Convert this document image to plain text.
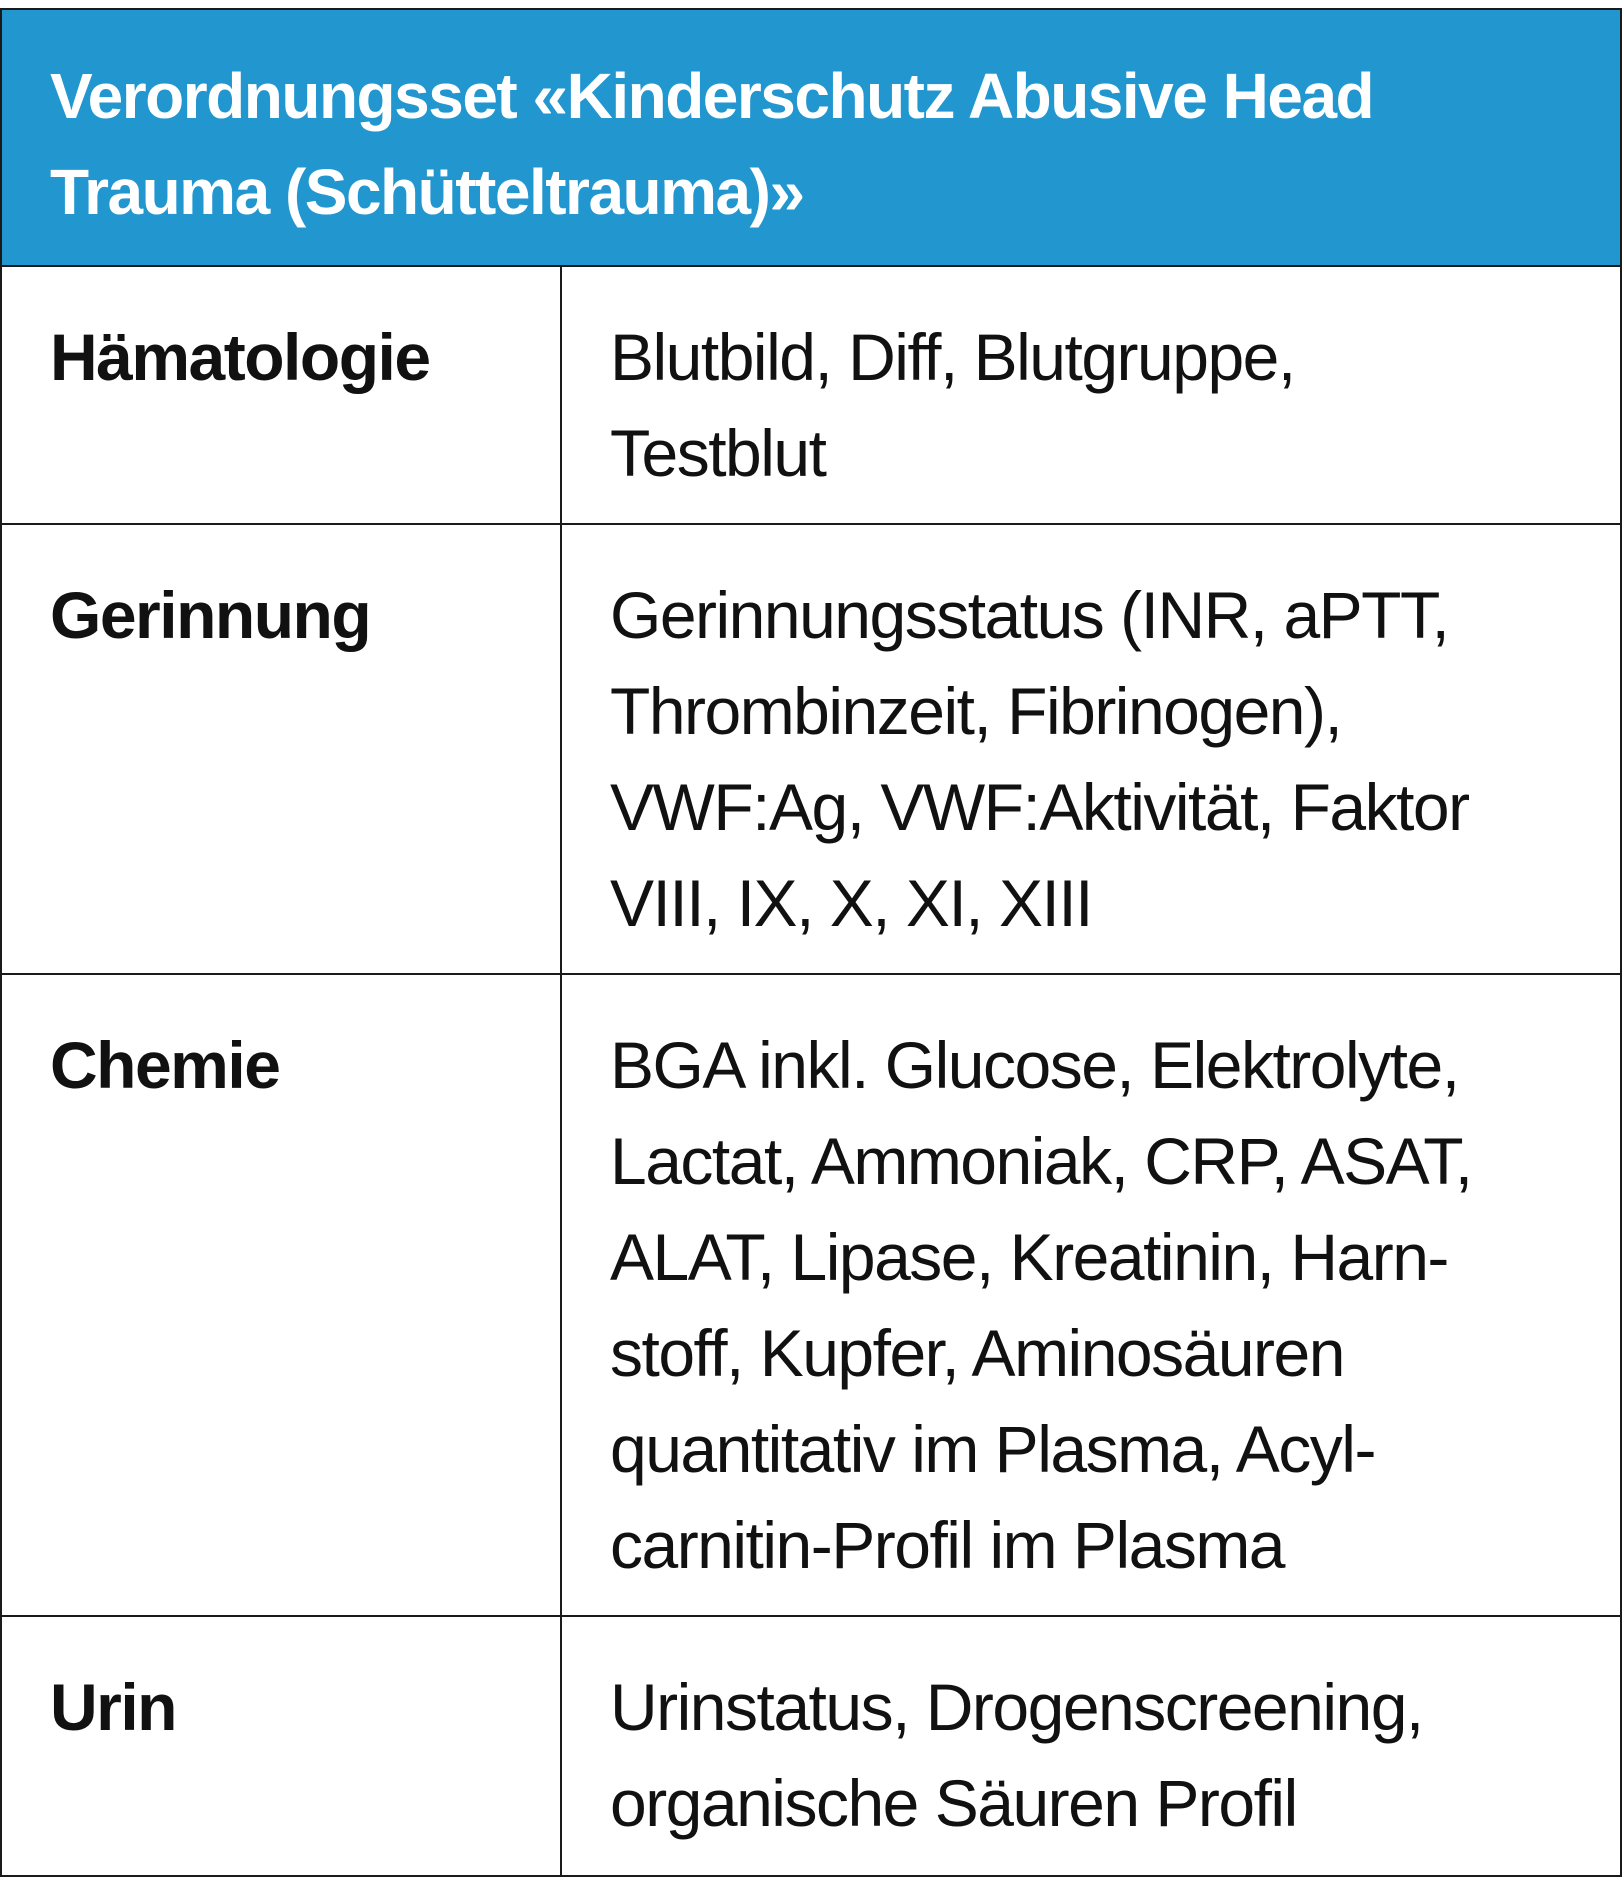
Verordnungsset «Kinderschutz Abusive Head
Trauma (Schütteltrauma)»
Hämatologie	Blutbild, Diff, Blutgruppe,
Testblut
Gerinnung	Gerinnungsstatus (INR, aPTT,
Thrombinzeit, Fibrinogen),
VWF:Ag, VWF:Aktivität, Faktor
VIII, IX, X, XI, XIII
Chemie	BGA inkl. Glucose, Elektrolyte,
Lactat, Ammoniak, CRP, ASAT,
ALAT, Lipase, Kreatinin, Harn-
stoff, Kupfer, Aminosäuren
quantitativ im Plasma, Acyl-
carnitin-Profil im Plasma
Urin	Urinstatus, Drogenscreening,
organische Säuren Profil
